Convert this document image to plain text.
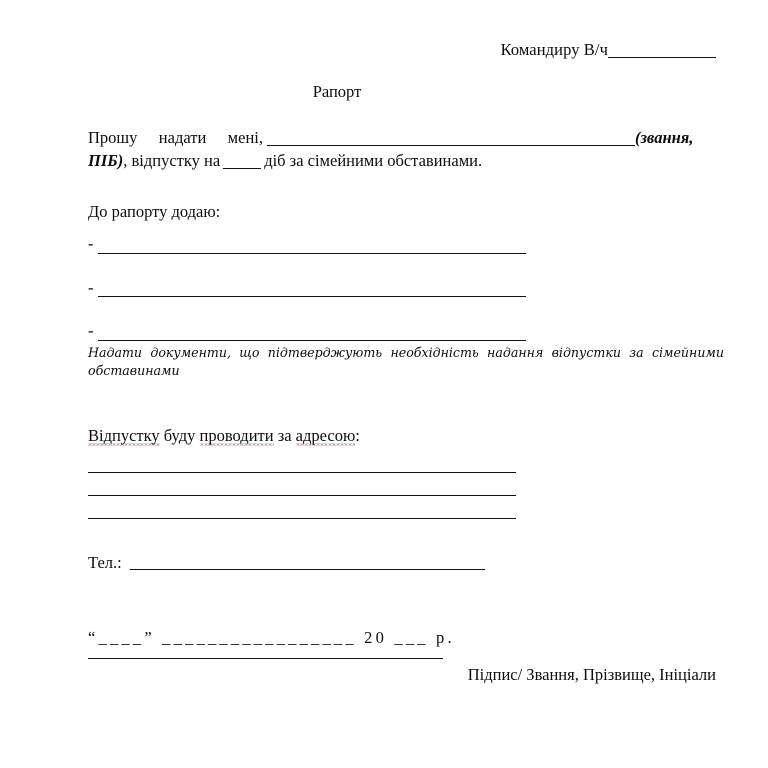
Командиру В/ч
Рапорт
Прошу надати мені,	(звання, ПІБ), відпустку на	діб за сімейними обставинами.
До рапорту додаю:
-
-
-
Надати документи, що підтверджують необхідність надання відпустки за сімейними обставинами
Відпустку буду проводити за адресою:
Тел.:
“____” _________________ 20 ___ р.
Підпис/ Звання, Прізвище, Ініціали
